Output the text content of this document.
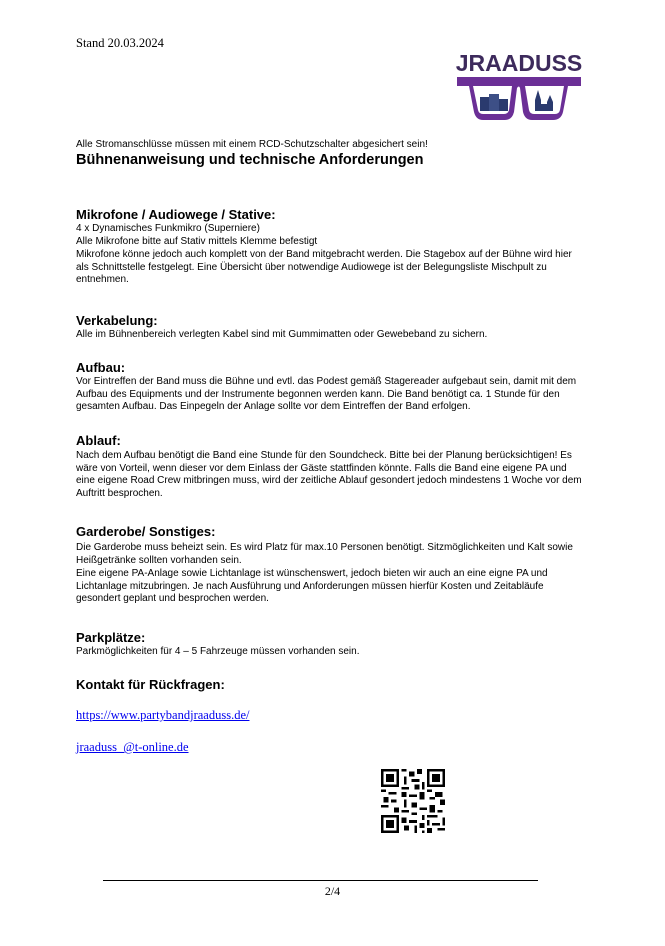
Stand 20.03.2024
JRAADUSS
Alle Stromanschlüsse müssen mit einem RCD-Schutzschalter abgesichert sein!
Bühnenanweisung und technische Anforderungen
Mikrofone / Audiowege / Stative:

4 x Dynamisches Funkmikro (Superniere)

Alle Mikrofone bitte auf Stativ mittels Klemme befestigt

Mikrofone könne jedoch auch komplett von der Band mitgebracht werden. Die Stagebox auf der Bühne wird hier als Schnittstelle festgelegt. Eine Übersicht über notwendige Audiowege ist der Belegungsliste Mischpult zu entnehmen.

Verkabelung:

Alle im Bühnenbereich verlegten Kabel sind mit Gummimatten oder Gewebeband zu sichern.

Aufbau:

Vor Eintreffen der Band muss die Bühne und evtl. das Podest gemäß Stagereader aufgebaut sein, damit mit dem Aufbau des Equipments und der Instrumente begonnen werden kann. Die Band benötigt ca. 1 Stunde für den gesamten Aufbau. Das Einpegeln der Anlage sollte vor dem Eintreffen der Band erfolgen.

Ablauf:

Nach dem Aufbau benötigt die Band eine Stunde für den Soundcheck. Bitte bei der Planung berücksichtigen! Es wäre von Vorteil, wenn dieser vor dem Einlass der Gäste stattfinden könnte. Falls die Band eine eigene PA und eine eigene Road Crew mitbringen muss, wird der zeitliche Ablauf gesondert jedoch mindestens 1 Woche vor dem Auftritt besprochen.

Garderobe/ Sonstiges:

Die Garderobe muss beheizt sein. Es wird Platz für max.10 Personen benötigt. Sitzmöglichkeiten und Kalt sowie Heißgetränke sollten vorhanden sein.

Eine eigene PA-Anlage sowie Lichtanlage ist wünschenswert, jedoch bieten wir auch an eine eigne PA und Lichtanlage mitzubringen. Je nach Ausführung und Anforderungen müssen hierfür Kosten und Zeitabläufe gesondert geplant und besprochen werden.

Parkplätze:

Parkmöglichkeiten für 4 – 5 Fahrzeuge müssen vorhanden sein.

Kontakt für Rückfragen:
https://www.partybandjraaduss.de/
jraaduss_@t-online.de
2/4
